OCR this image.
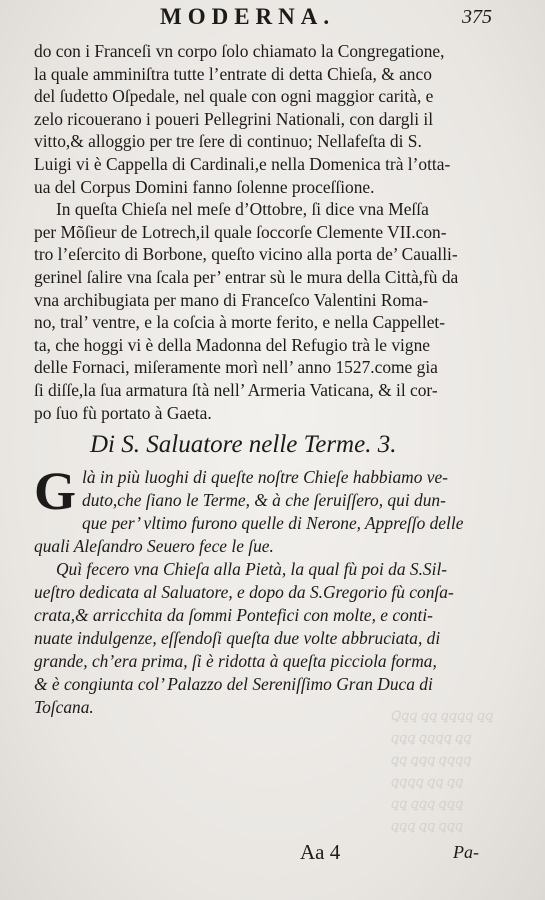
Ꝗꝗꝗ ꝗꝗ ꝗꝗꝗꝗ ꝗꝗ
ꝗꝗꝗ ꝗꝗꝗꝗ ꝗꝗ
ꝗꝗ ꝗꝗꝗ ꝗꝗꝗꝗ
ꝗꝗꝗꝗ ꝗꝗ ꝗꝗ
ꝗꝗ ꝗꝗꝗ ꝗꝗꝗ
ꝗꝗꝗ ꝗꝗ ꝗꝗꝗ
MODERNA.	375
do con i Franceſi vn corpo ſolo chiamato la Congregatione,
la quale amminiſtra tutte l’entrate di detta Chieſa, & anco
del ſudetto Oſpedale, nel quale con ogni maggior carità, e
zelo ricouerano i poueri Pellegrini Nationali, con dargli il
vitto,& alloggio per tre ſere di continuo; Nellafeſta di S.
Luigi vi è Cappella di Cardinali,e nella Domenica trà l’otta-
ua del Corpus Domini fanno ſolenne proceſſione.
In queſta Chieſa nel meſe d’Ottobre, ſi dice vna Meſſa
per Mõſieur de Lotrech,il quale ſoccorſe Clemente VII.con-
tro l’eſercito di Borbone, queſto vicino alla porta de’ Caualli-
gerinel ſalire vna ſcala per’ entrar sù le mura della Città,fù da
vna archibugiata per mano di Franceſco Valentini Roma-
no, tral’ ventre, e la coſcia à morte ferito, e nella Cappellet-
ta, che hoggi vi è della Madonna del Refugio trà le vigne
delle Fornaci, miſeramente morì nell’ anno 1527.come gia
ſi diſſe,la ſua armatura ſtà nell’ Armeria Vaticana, & il cor-
po ſuo fù portato à Gaeta.
Di S. Saluatore nelle Terme. 3.
G là in più luoghi di queſte noſtre Chieſe habbiamo ve-
duto,che ſiano le Terme, & à che ſeruiſſero, qui dun-
que per’ vltimo furono quelle di Nerone, Appreſſo delle
quali Aleſandro Seuero fece le ſue.
Quì fecero vna Chieſa alla Pietà, la qual fù poi da S.Sil-
ueſtro dedicata al Saluatore, e dopo da S.Gregorio fù conſa-
crata,& arricchita da ſommi Pontefici con molte, e conti-
nuate indulgenze, eſſendoſi queſta due volte abbruciata, di
grande, ch’era prima, ſi è ridotta à queſta picciola forma,
& è congiunta col’ Palazzo del Sereniſſimo Gran Duca di
Toſcana.
Aa 4	Pa-
